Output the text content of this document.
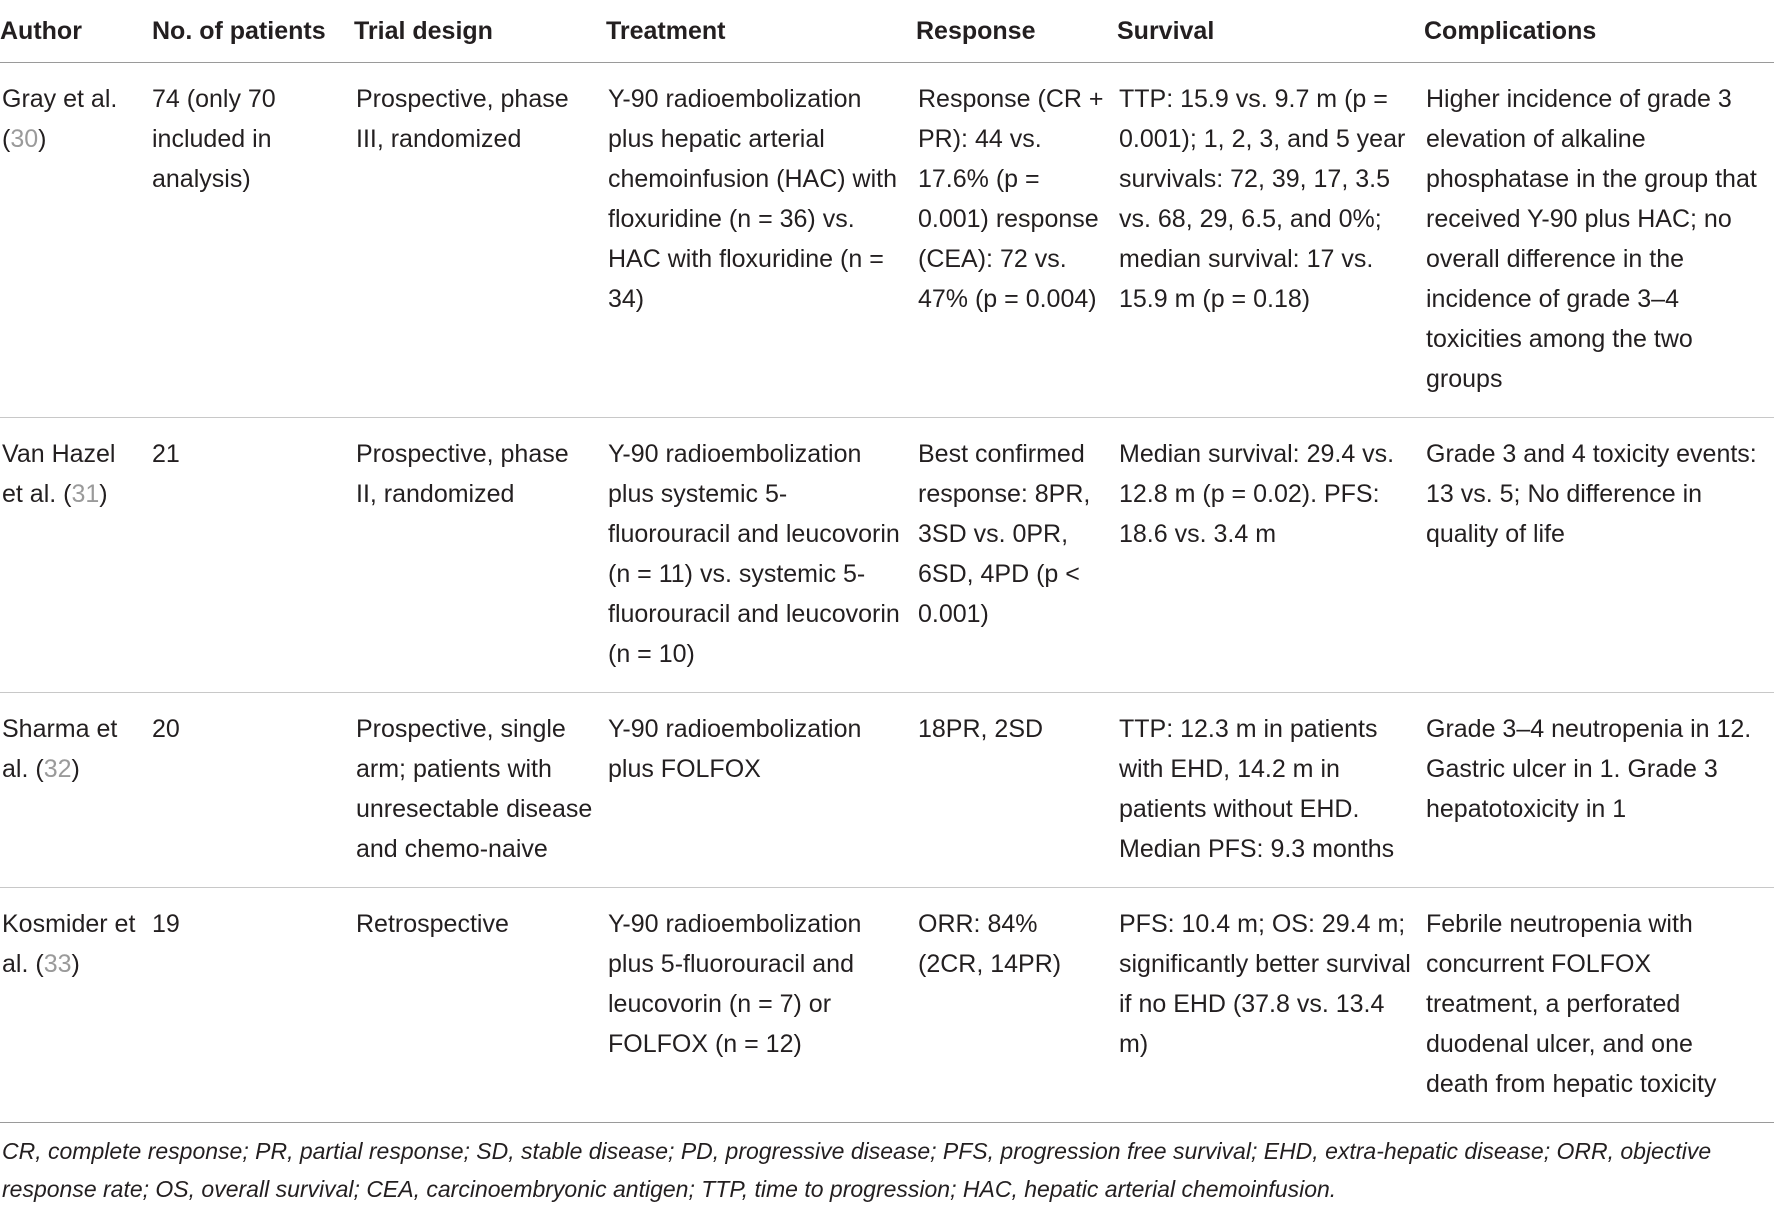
Author	No. of patients	Trial design	Treatment	Response	Survival	Complications

Gray et al. (30)	74 (only 70 included in analysis)	Prospective, phase III, randomized	Y-90 radioembolization plus hepatic arterial chemoinfusion (HAC) with floxuridine (n = 36) vs. HAC with floxuridine (n = 34)	Response (CR + PR): 44 vs. 17.6% (p = 0.001) response (CEA): 72 vs. 47% (p = 0.004)	TTP: 15.9 vs. 9.7 m (p = 0.001); 1, 2, 3, and 5 year survivals: 72, 39, 17, 3.5 vs. 68, 29, 6.5, and 0%; median survival: 17 vs. 15.9 m (p = 0.18)	Higher incidence of grade 3 elevation of alkaline phosphatase in the group that received Y-90 plus HAC; no overall difference in the incidence of grade 3–4 toxicities among the two groups

Van Hazel et al. (31)	21	Prospective, phase II, randomized	Y-90 radioembolization plus systemic 5-fluorouracil and leucovorin (n = 11) vs. systemic 5-fluorouracil and leucovorin (n = 10)	Best confirmed response: 8PR, 3SD vs. 0PR, 6SD, 4PD (p < 0.001)	Median survival: 29.4 vs. 12.8 m (p = 0.02). PFS: 18.6 vs. 3.4 m	Grade 3 and 4 toxicity events: 13 vs. 5; No difference in quality of life

Sharma et al. (32)	20	Prospective, single arm; patients with unresectable disease and chemo-naive	Y-90 radioembolization plus FOLFOX	18PR, 2SD	TTP: 12.3 m in patients with EHD, 14.2 m in patients without EHD. Median PFS: 9.3 months	Grade 3–4 neutropenia in 12. Gastric ulcer in 1. Grade 3 hepatotoxicity in 1

Kosmider et al. (33)	19	Retrospective	Y-90 radioembolization plus 5-fluorouracil and leucovorin (n = 7) or FOLFOX (n = 12)	ORR: 84% (2CR, 14PR)	PFS: 10.4 m; OS: 29.4 m; significantly better survival if no EHD (37.8 vs. 13.4 m)	Febrile neutropenia with concurrent FOLFOX treatment, a perforated duodenal ulcer, and one death from hepatic toxicity
CR, complete response; PR, partial response; SD, stable disease; PD, progressive disease; PFS, progression free survival; EHD, extra-hepatic disease; ORR, objective response rate; OS, overall survival; CEA, carcinoembryonic antigen; TTP, time to progression; HAC, hepatic arterial chemoinfusion.
